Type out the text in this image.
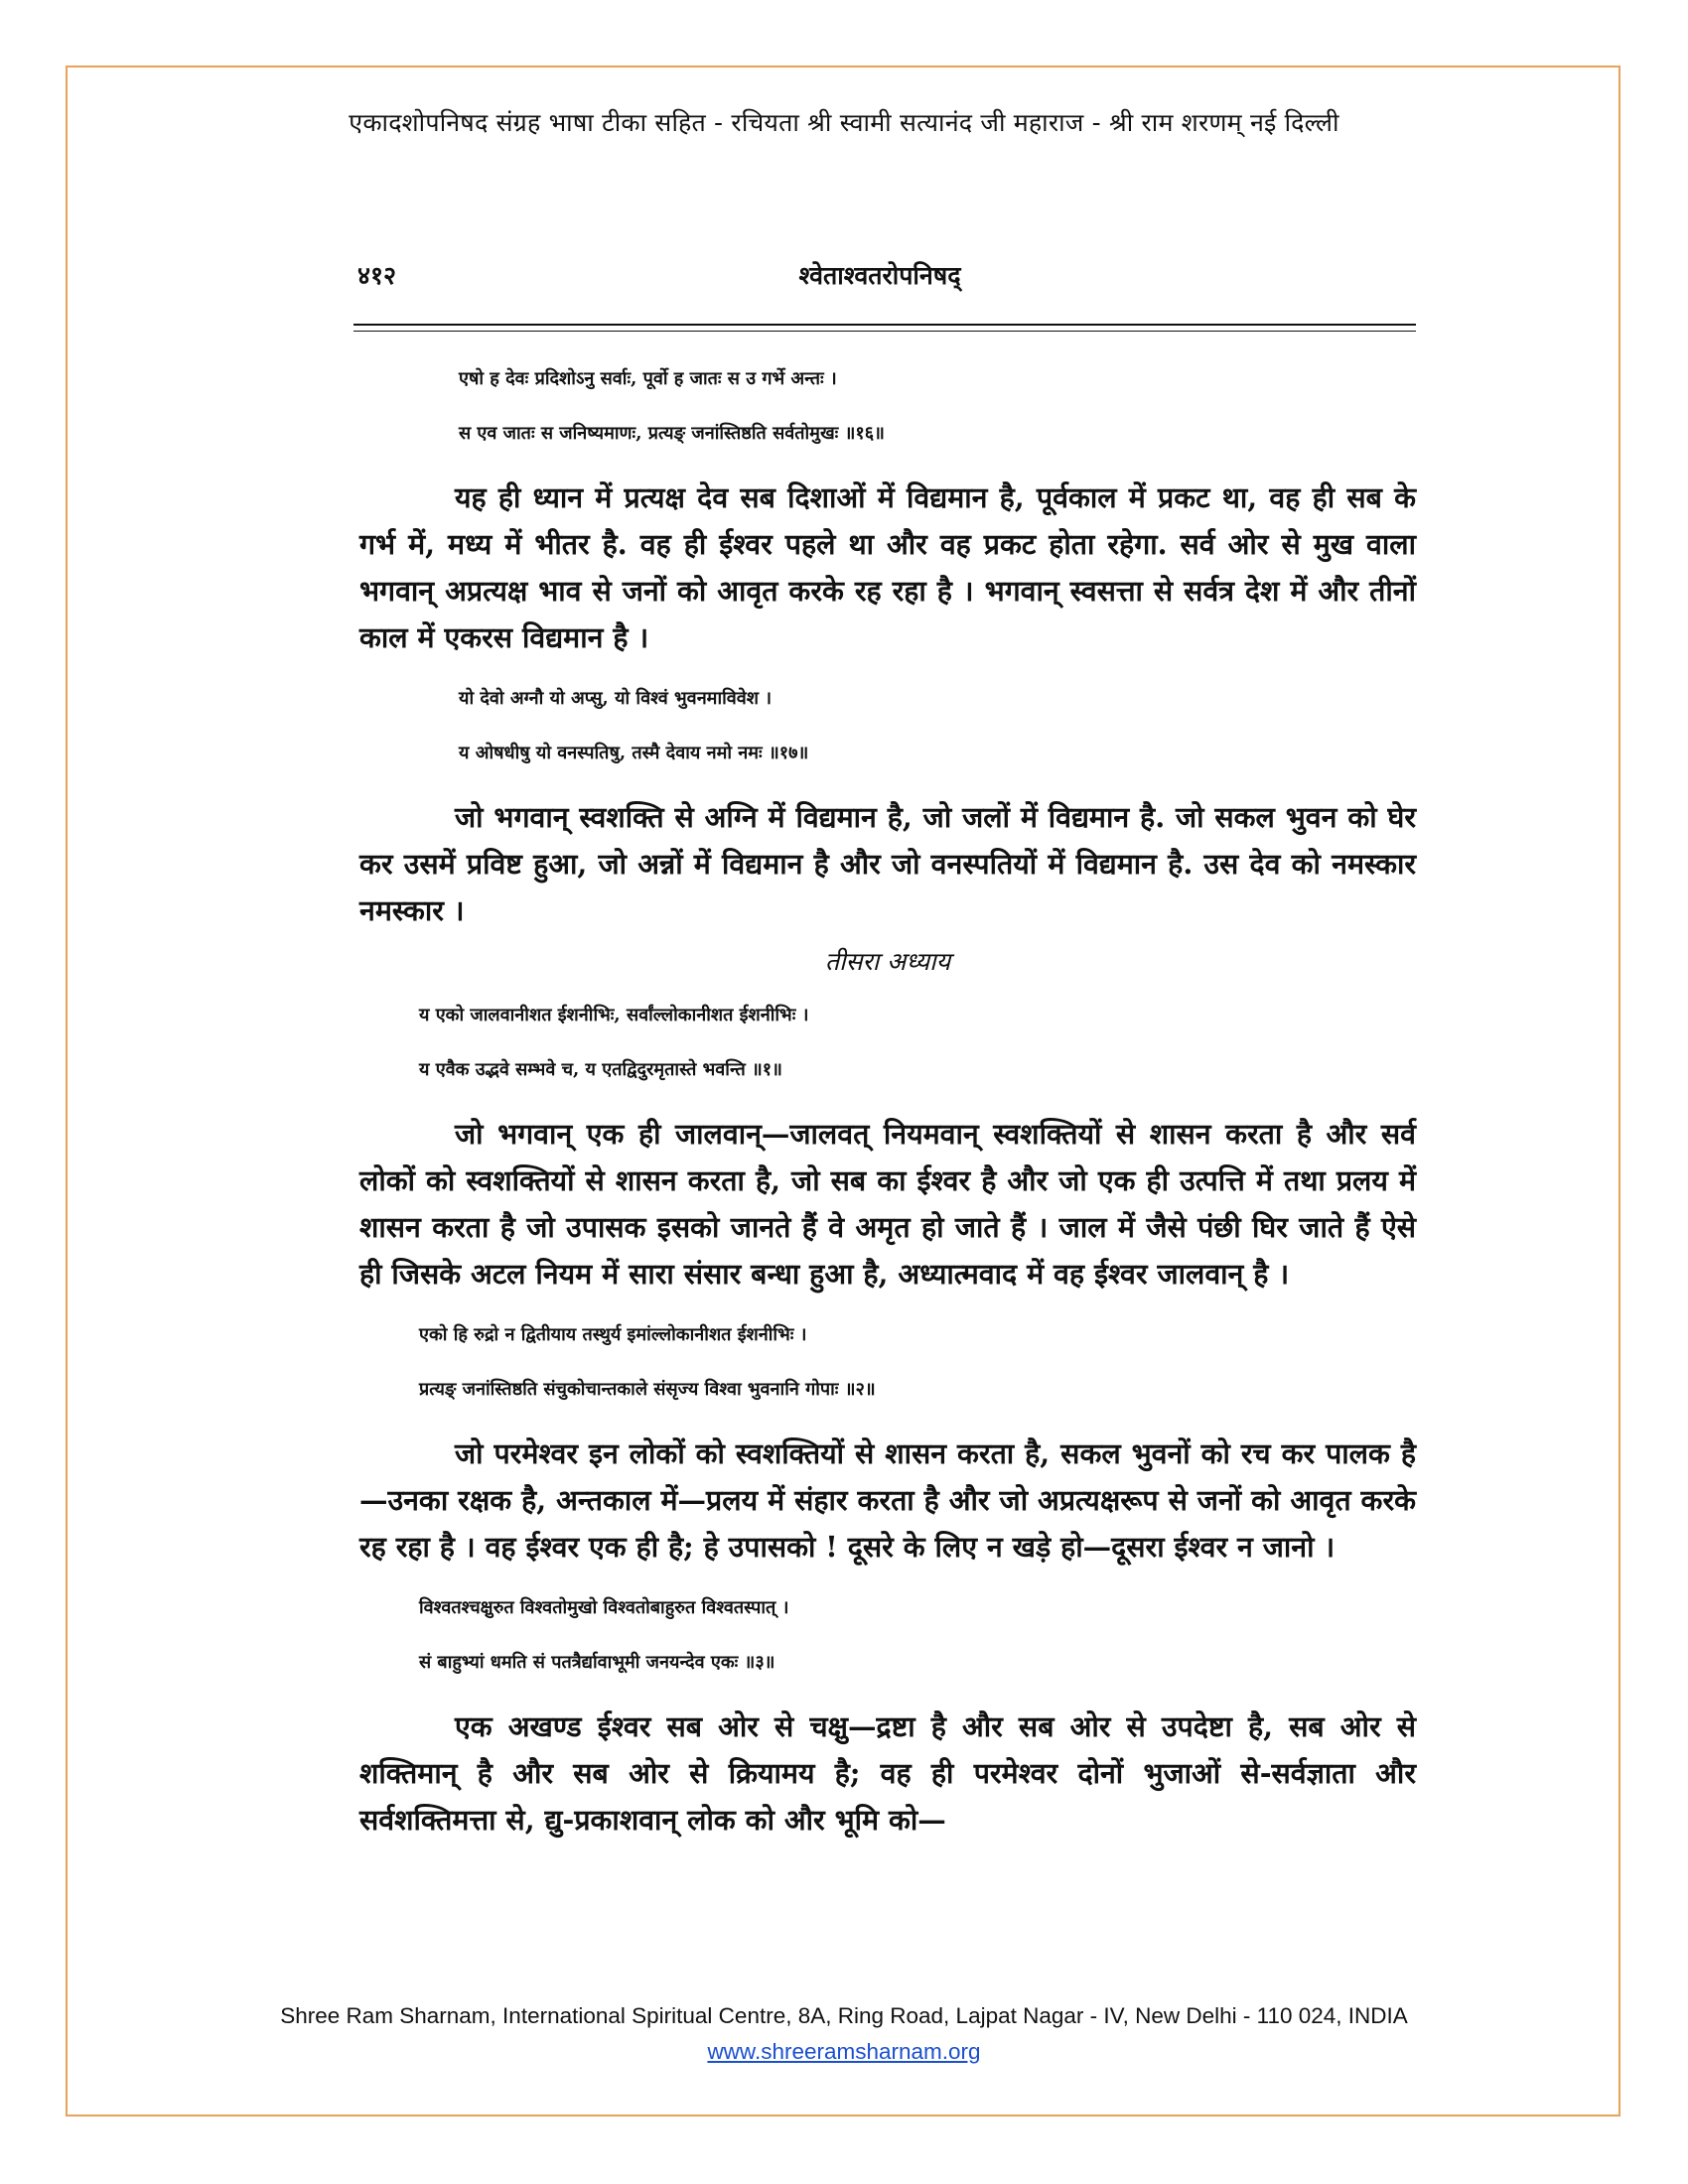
एकादशोपनिषद संग्रह भाषा टीका सहित - रचियता श्री स्वामी सत्यानंद जी महाराज - श्री राम शरणम् नई दिल्ली
४१२	श्वेताश्वतरोपनिषद्

एषो ह देवः प्रदिशोऽनु सर्वाः, पूर्वो ह जातः स उ गर्भे अन्तः ।

स एव जातः स जनिष्यमाणः, प्रत्यङ् जनांस्तिष्ठति सर्वतोमुखः ॥१६॥

यह ही ध्यान में प्रत्यक्ष देव सब दिशाओं में विद्यमान है, पूर्वकाल में प्रकट था, वह ही सब के गर्भ में, मध्य में भीतर है. वह ही ईश्वर पहले था और वह प्रकट होता रहेगा. सर्व ओर से मुख वाला भगवान् अप्रत्यक्ष भाव से जनों को आवृत करके रह रहा है । भगवान् स्वसत्ता से सर्वत्र देश में और तीनों काल में एकरस विद्यमान है ।

यो देवो अग्नौ यो अप्सु, यो विश्वं भुवनमाविवेश ।

य ओषधीषु यो वनस्पतिषु, तस्मै देवाय नमो नमः ॥१७॥

जो भगवान् स्वशक्ति से अग्नि में विद्यमान है, जो जलों में विद्यमान है. जो सकल भुवन को घेर कर उसमें प्रविष्ट हुआ, जो अन्नों में विद्यमान है और जो वनस्पतियों में विद्यमान है. उस देव को नमस्कार नमस्कार ।

तीसरा अध्याय

य एको जालवानीशत ईशनीभिः, सर्वांल्लोकानीशत ईशनीभिः ।

य एवैक उद्भवे सम्भवे च, य एतद्विदुरमृतास्ते भवन्ति ॥१॥

जो भगवान् एक ही जालवान्—जालवत् नियमवान् स्वशक्तियों से शासन करता है और सर्व लोकों को स्वशक्तियों से शासन करता है, जो सब का ईश्वर है और जो एक ही उत्पत्ति में तथा प्रलय में शासन करता है जो उपासक इसको जानते हैं वे अमृत हो जाते हैं । जाल में जैसे पंछी घिर जाते हैं ऐसे ही जिसके अटल नियम में सारा संसार बन्धा हुआ है, अध्यात्मवाद में वह ईश्वर जालवान् है ।

एको हि रुद्रो न द्वितीयाय तस्थुर्य इमांल्लोकानीशत ईशनीभिः ।

प्रत्यङ् जनांस्तिष्ठति संचुकोचान्तकाले संसृज्य विश्वा भुवनानि गोपाः ॥२॥

जो परमेश्वर इन लोकों को स्वशक्तियों से शासन करता है, सकल भुवनों को रच कर पालक है—उनका रक्षक है, अन्तकाल में—प्रलय में संहार करता है और जो अप्रत्यक्षरूप से जनों को आवृत करके रह रहा है । वह ईश्वर एक ही है; हे उपासको ! दूसरे के लिए न खड़े हो—दूसरा ईश्वर न जानो ।

विश्वतश्चक्षुरुत विश्वतोमुखो विश्वतोबाहुरुत विश्वतस्पात् ।

सं बाहुभ्यां धमति सं पतत्रैर्द्यावाभूमी जनयन्देव एकः ॥३॥

एक अखण्ड ईश्वर सब ओर से चक्षु—द्रष्टा है और सब ओर से उपदेष्टा है, सब ओर से शक्तिमान् है और सब ओर से क्रियामय है; वह ही परमेश्वर दोनों भुजाओं से-सर्वज्ञाता और सर्वशक्तिमत्ता से, द्यु-प्रकाशवान् लोक को और भूमि को—

Shree Ram Sharnam, International Spiritual Centre, 8A, Ring Road, Lajpat Nagar - IV, New Delhi - 110 024, INDIA
www.shreeramsharnam.org
